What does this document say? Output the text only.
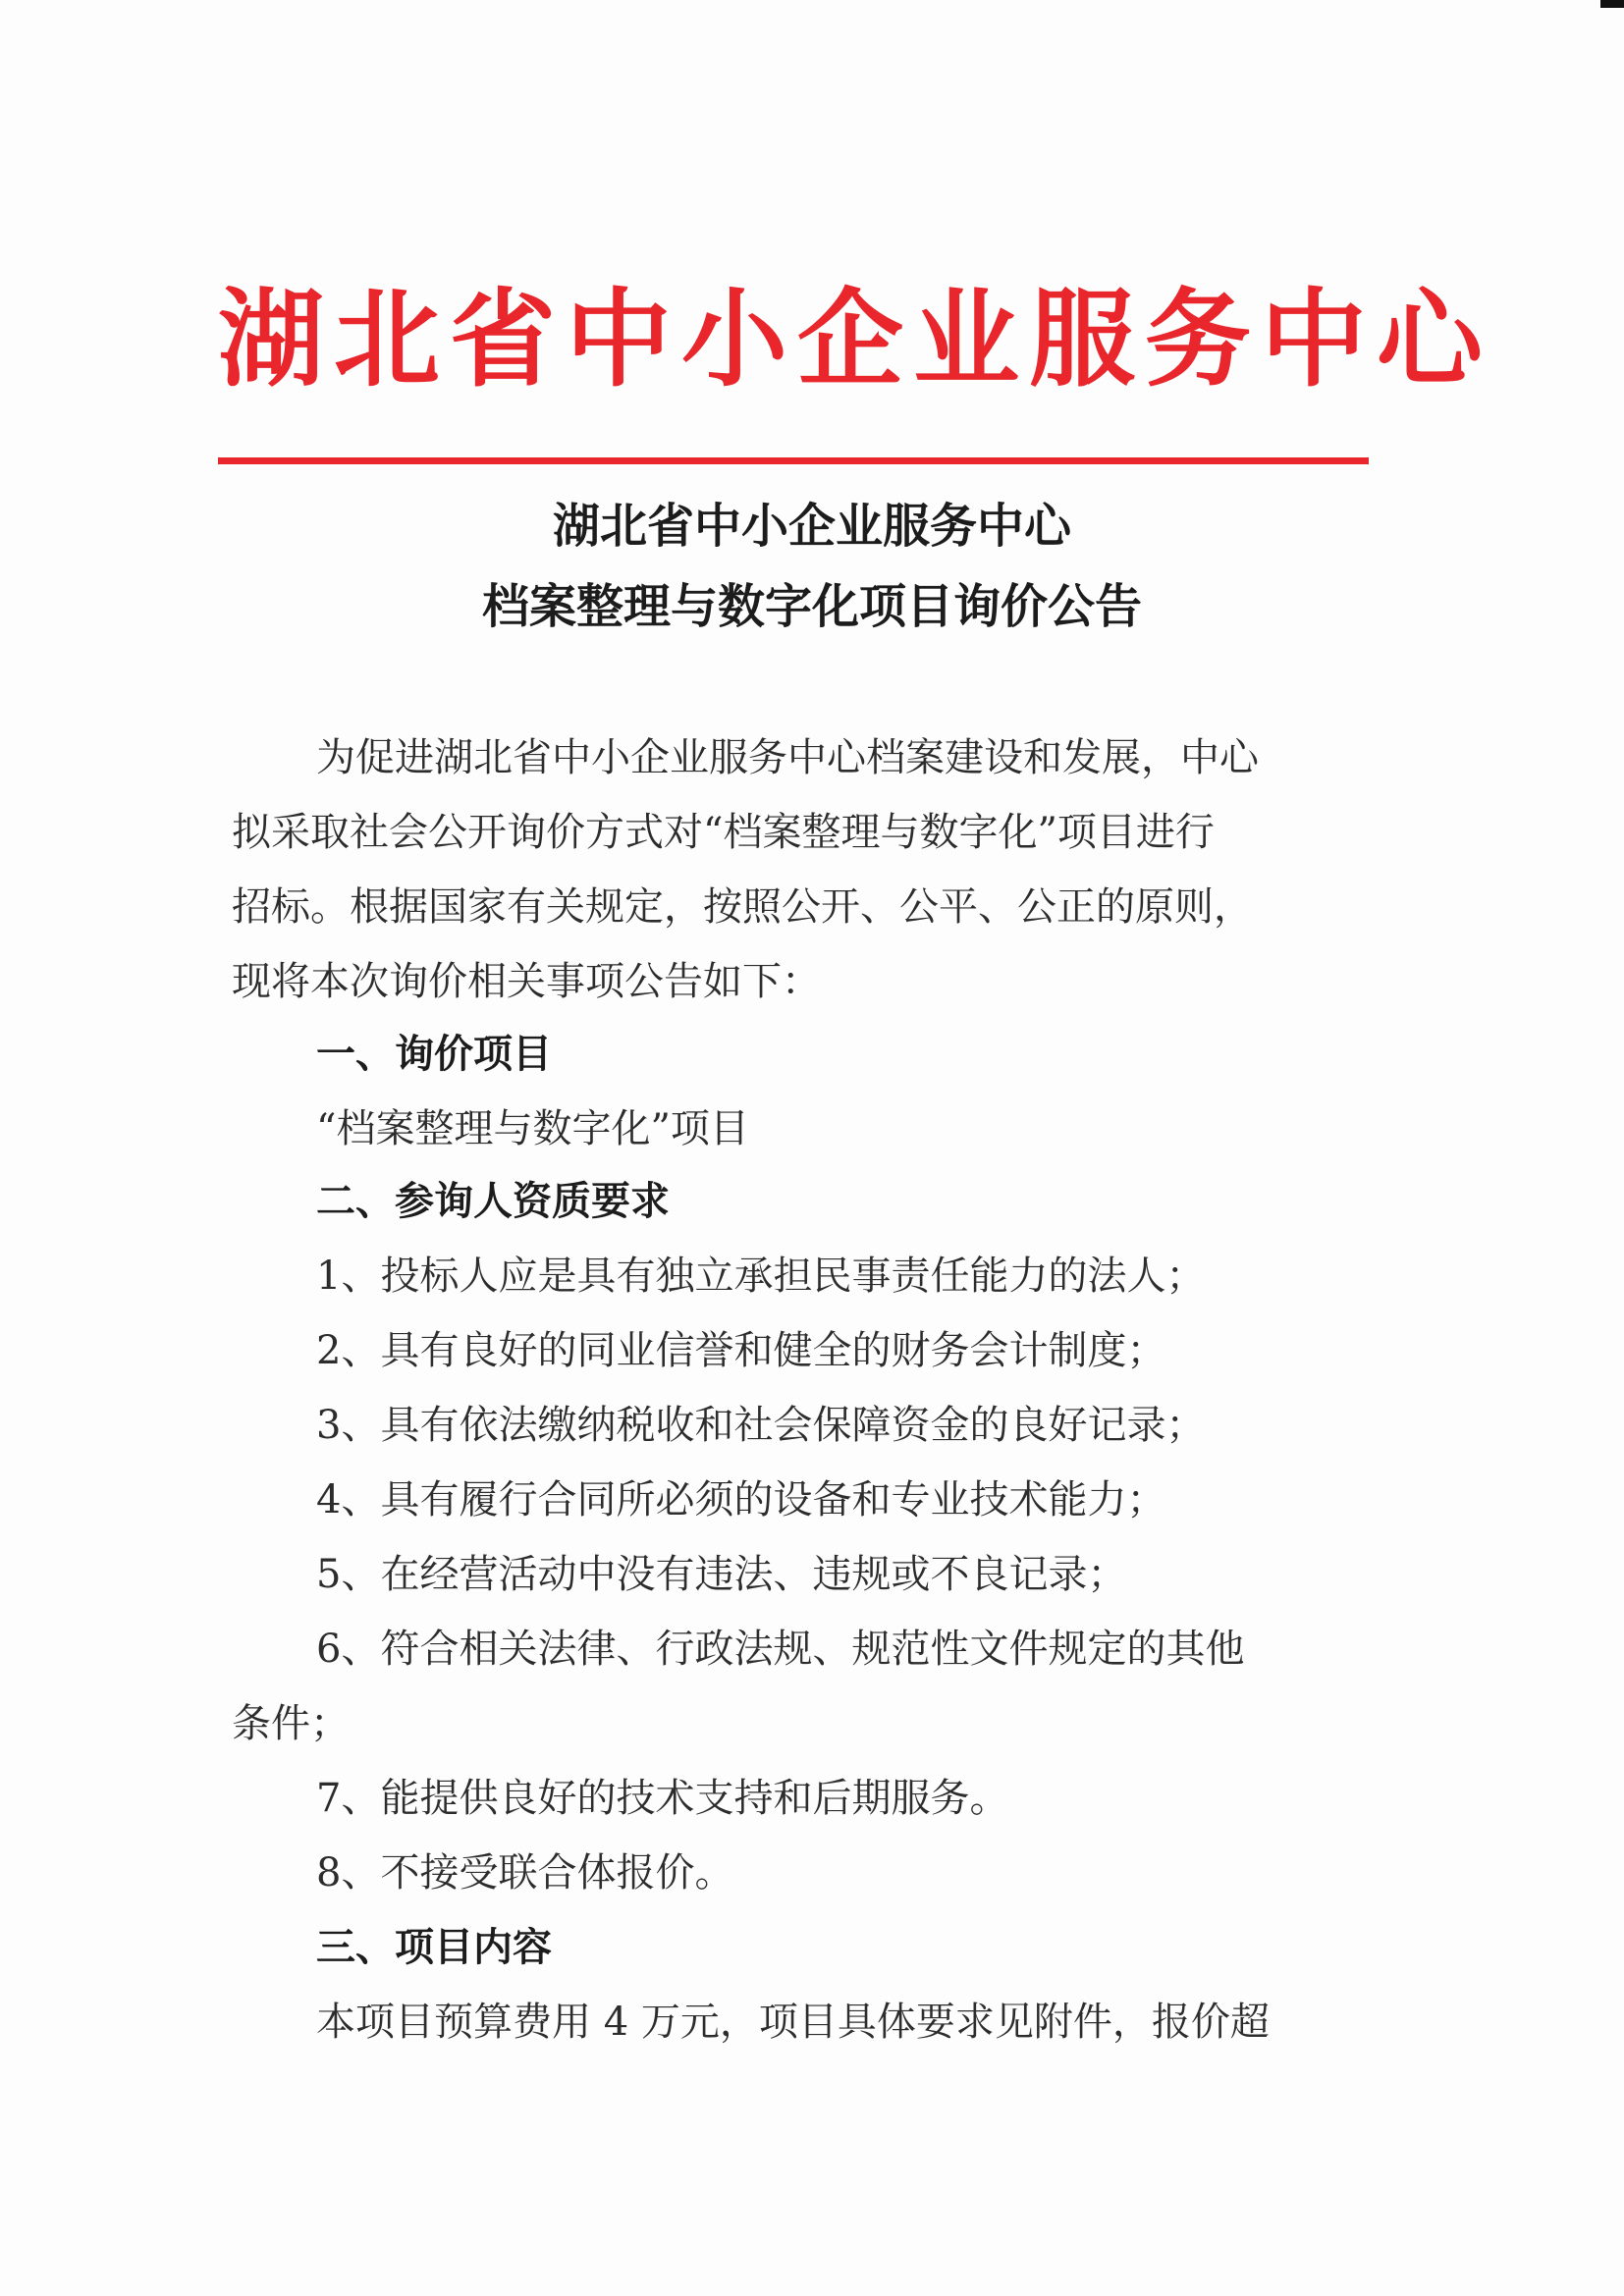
湖北省中小企业服务中心
湖北省中小企业服务中心
档案整理与数字化项目询价公告
为促进湖北省中小企业服务中心档案建设和发展，中心
拟采取社会公开询价方式对“档案整理与数字化”项目进行
招标。根据国家有关规定，按照公开、公平、公正的原则，
现将本次询价相关事项公告如下：
一、询价项目
“档案整理与数字化”项目
二、参询人资质要求
1、投标人应是具有独立承担民事责任能力的法人；
2、具有良好的同业信誉和健全的财务会计制度；
3、具有依法缴纳税收和社会保障资金的良好记录；
4、具有履行合同所必须的设备和专业技术能力；
5、在经营活动中没有违法、违规或不良记录；
6、符合相关法律、行政法规、规范性文件规定的其他
条件；
7、能提供良好的技术支持和后期服务。
8、不接受联合体报价。
三、项目内容
本项目预算费用 4 万元，项目具体要求见附件，报价超
